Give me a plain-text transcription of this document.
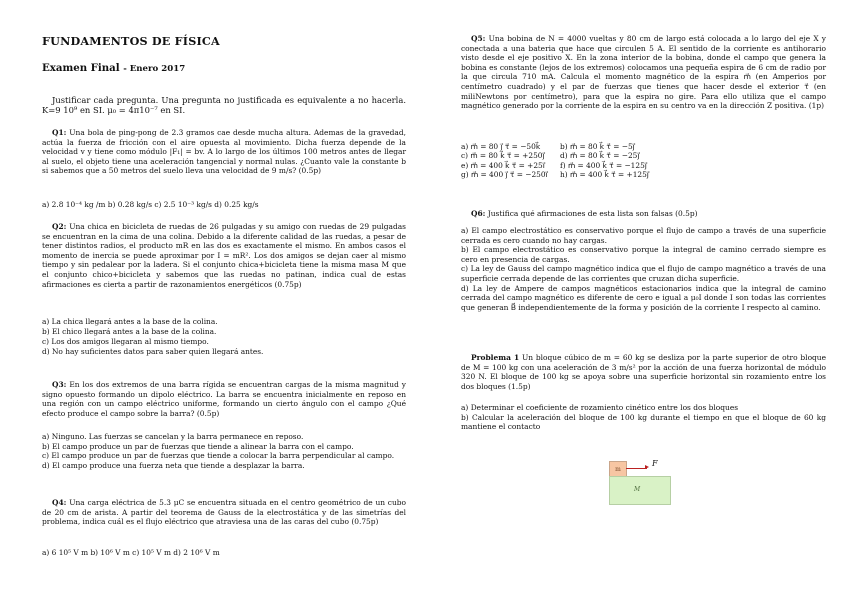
FUNDAMENTOS DE FÍSICA
Examen Final - Enero 2017
Justificar cada pregunta. Una pregunta no justificada es equivalente a no hacerla. K=9 10⁹ en SI. μ₀ = 4π10⁻⁷ en SI.
Q1: Una bola de ping-pong de 2.3 gramos cae desde mucha altura. Ademas de la gravedad, actúa la fuerza de fricción con el aire opuesta al movimiento. Dicha fuerza depende de la velocidad v y tiene como módulo |F₁| = bv. A lo largo de los últimos 100 metros antes de llegar al suelo, el objeto tiene una aceleración tangencial y normal nulas. ¿Cuanto vale la constante b si sabemos que a 50 metros del suelo lleva una velocidad de 9 m/s? (0.5p)
a) 2.8 10⁻⁴ kg /m b) 0.28 kg/s c) 2.5 10⁻³ kg/s d) 0.25 kg/s
Q2: Una chica en bicicleta de ruedas de 26 pulgadas y su amigo con ruedas de 29 pulgadas se encuentran en la cima de una colina. Debido a la diferente calidad de las ruedas, a pesar de tener distintos radios, el producto mR en las dos es exactamente el mismo. En ambos casos el momento de inercia se puede aproximar por I = mR². Los dos amigos se dejan caer al mismo tiempo y sin pedalear por la ladera. Si el conjunto chica+bicicleta tiene la misma masa M que el conjunto chico+bicicleta y sabemos que las ruedas no patinan, indica cual de estas afirmaciones es cierta a partir de razonamientos energéticos (0.75p)
a) La chica llegará antes a la base de la colina.
b) El chico llegará antes a la base de la colina.
c) Los dos amigos llegaran al mismo tiempo.
d) No hay suficientes datos para saber quien llegará antes.
Q3: En los dos extremos de una barra rígida se encuentran cargas de la misma magnitud y signo opuesto formando un dipolo eléctrico. La barra se encuentra inicialmente en reposo en una región con un campo eléctrico uniforme, formando un cierto ángulo con el campo ¿Qué efecto produce el campo sobre la barra? (0.5p)
a) Ninguno. Las fuerzas se cancelan y la barra permanece en reposo.
b) El campo produce un par de fuerzas que tiende a alinear la barra con el campo.
c) El campo produce un par de fuerzas que tiende a colocar la barra perpendicular al campo.
d) El campo produce una fuerza neta que tiende a desplazar la barra.
Q4: Una carga eléctrica de 5.3 μC se encuentra situada en el centro geométrico de un cubo de 20 cm de arista. A partir del teorema de Gauss de la electrostática y de las simetrías del problema, indica cuál es el flujo eléctrico que atraviesa una de las caras del cubo (0.75p)
a) 6 10⁵ V m b) 10⁶ V m c) 10⁵ V m d) 2 10⁶ V m
Q5: Una bobina de N = 4000 vueltas y 80 cm de largo está colocada a lo largo del eje X y conectada a una bateria que hace que circulen 5 A. El sentido de la corriente es antihorario visto desde el eje positivo X. En la zona interior de la bobina, donde el campo que genera la bobina es constante (lejos de los extremos) colocamos una pequeña espira de 6 cm de radio por la que circula 710 mA. Calcula el momento magnético de la espira m⃗ (en Amperios por centímetro cuadrado) y el par de fuerzas que tienes que hacer desde el exterior τ⃗ (en miliNewtons por centímetro), para que la espira no gire. Para ello utiliza que el campo magnético generado por la corriente de la espira en su centro va en la dirección Z positiva. (1p)
a) m⃗ = 80 j⃗ τ⃗ = −50k⃗	b) m⃗ = 80 k⃗ τ⃗ = −5j⃗
c) m⃗ = 80 k⃗ τ⃗ = +250j⃗	d) m⃗ = 80 k⃗ τ⃗ = −25j⃗
e) m⃗ = 400 k⃗ τ⃗ = +25i⃗	f) m⃗ = 400 k⃗ τ⃗ = −125j⃗
g) m⃗ = 400 j⃗ τ⃗ = −250i⃗	h) m⃗ = 400 k⃗ τ⃗ = +125j⃗
Q6: Justifica qué afirmaciones de esta lista son falsas (0.5p)
a) El campo electrostático es conservativo porque el flujo de campo a través de una superficie cerrada es cero cuando no hay cargas.
b) El campo electrostático es conservativo porque la integral de camino cerrado siempre es cero en presencia de cargas.
c) La ley de Gauss del campo magnético indica que el flujo de campo magnético a través de una superficie cerrada depende de las corrientes que cruzan dicha superficie.
d) La ley de Ampere de campos magnéticos estacionarios indica que la integral de camino cerrada del campo magnético es diferente de cero e igual a μ₀I donde I son todas las corrientes que generan B⃗ independientemente de la forma y posición de la corriente I respecto al camino.
Problema 1 Un bloque cúbico de m = 60 kg se desliza por la parte superior de otro bloque de M = 100 kg con una aceleración de 3 m/s² por la acción de una fuerza horizontal de módulo 320 N. El bloque de 100 kg se apoya sobre una superficie horizontal sin rozamiento entre los dos bloques (1.5p)
a) Determinar el coeficiente de rozamiento cinético entre los dos bloques
b) Calcular la aceleración del bloque de 100 kg durante el tiempo en que el bloque de 60 kg mantiene el contacto
m
M
F
